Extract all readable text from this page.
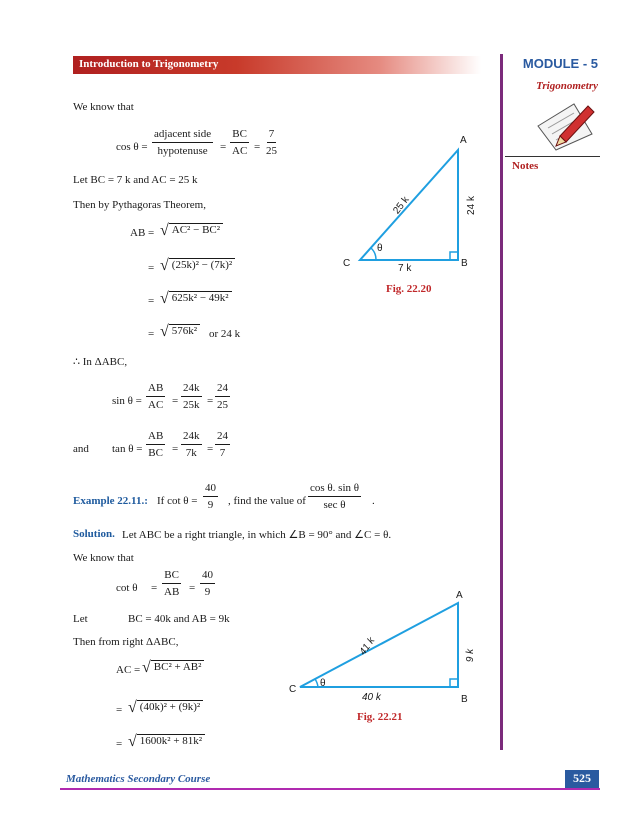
Introduction to Trigonometry	MODULE - 5
Trigonometry
Notes
We know that
cos θ =
adjacent side
hypotenuse = $\frac{BC}{AC} = \frac{7}{25}$
Let BC = 7 k and AC = 25 k
Then by Pythagoras Theorem,
AB = √ AC² − BC²
= √ (25k)² − (7k)²
= √ 625k² − 49k²
= √ 576k² or 24 k
∴ In ΔABC,
$\sin \theta = \frac{AB}{AC} = \frac{24k}{25k} = \frac{24}{25}$
and $\tan \theta = \frac{AB}{BC} = \frac{24k}{7k} = \frac{24}{7}$
Example 22.11.: If $\cot \theta = \frac{40}{9}$ , find the value of
cos θ. sin θ
sec θ .
Solution. Let ABC be a right triangle, in which ∠B = 90° and ∠C = θ.
We know that
$\cot \theta = \frac{BC}{AB} = \frac{40}{9}$
Let	BC = 40k and AB = 9k
Then from right ΔABC,
AC = √ BC² + AB²
= √ (40k)² + (9k)²
= √ 1600k² + 81k²
A
B
C
25 k	24 k
7 k
θ
Fig. 22.20
A
B
C
41 k	9 k
40 k
θ
Fig. 22.21
Mathematics Secondary Course	525
